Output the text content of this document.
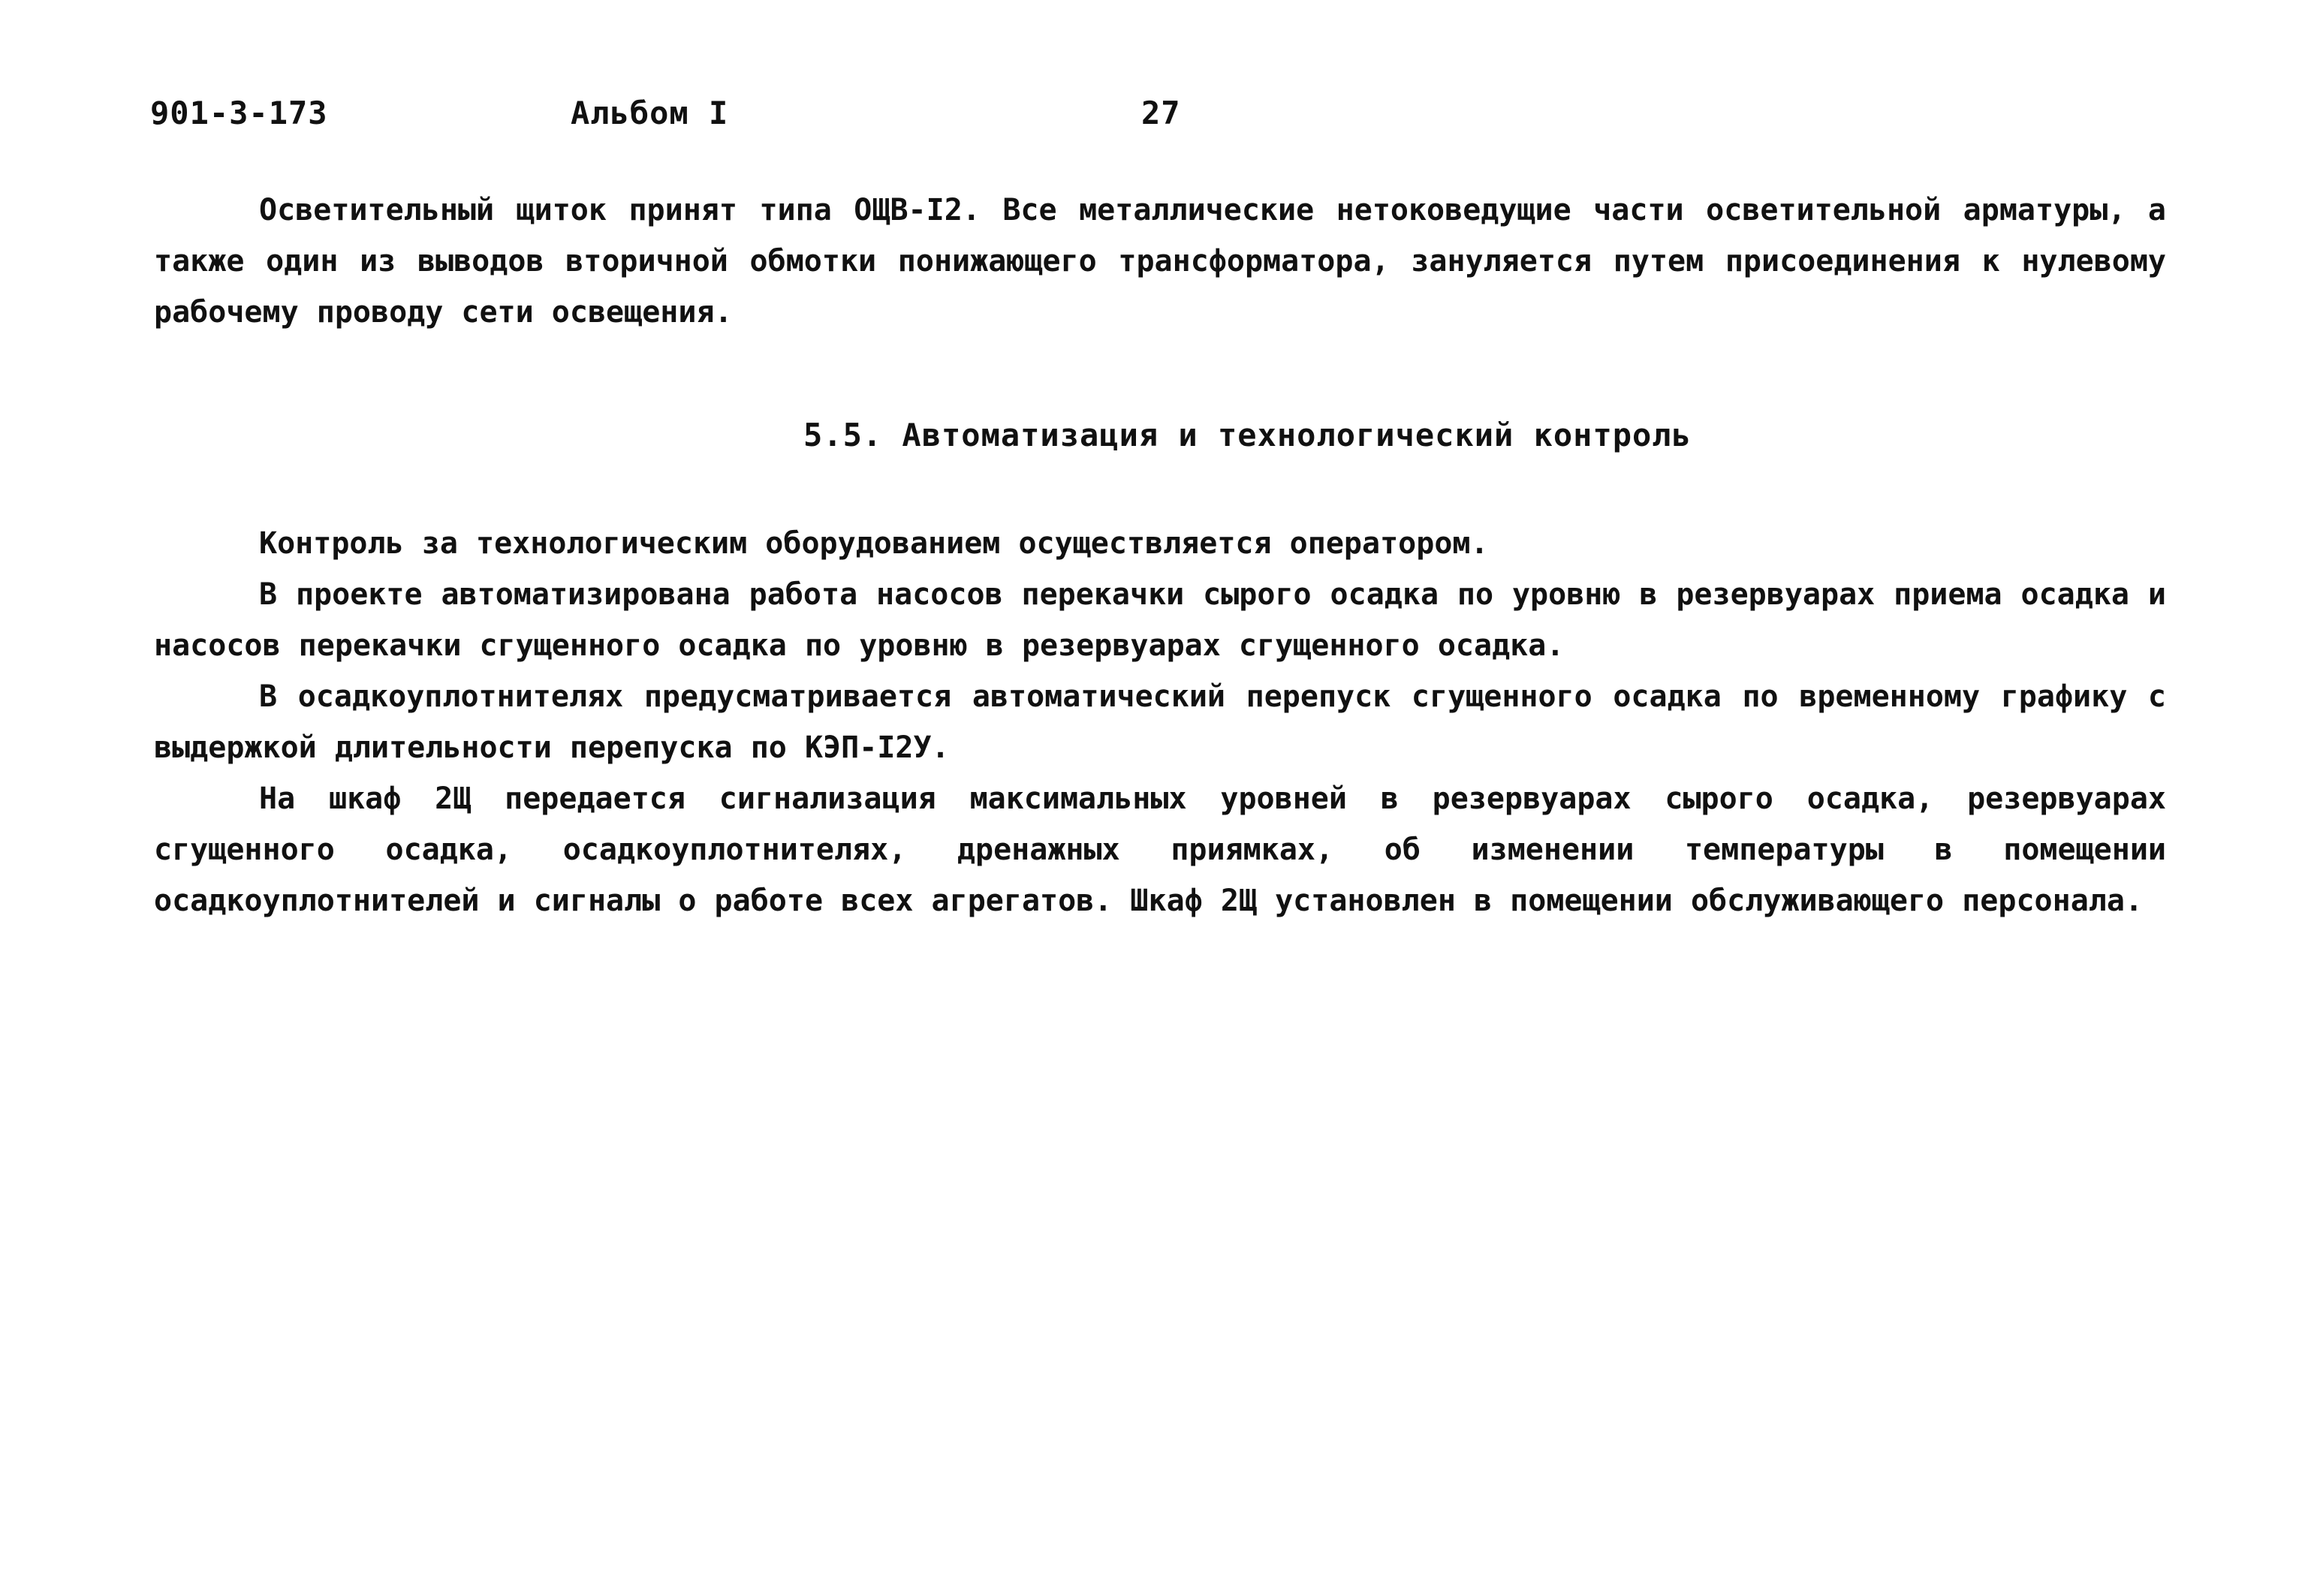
901-3-173	Альбом I	27

Осветительный щиток принят типа ОЩВ-I2. Все металлические нетоковедущие части осветительной арматуры, а также один из выводов вторичной обмотки понижающего трансформатора, зануляется путем присоединения к нулевому рабочему проводу сети освещения.

5.5. Автоматизация и технологический контроль

Контроль за технологическим оборудованием осуществляется оператором.

В проекте автоматизирована работа насосов перекачки сырого осадка по уровню в резервуарах приема осадка и насосов перекачки сгущенного осадка по уровню в резервуарах сгущенного осадка.

В осадкоуплотнителях предусматривается автоматический перепуск сгущенного осадка по временному графику с выдержкой длительности перепуска по КЭП-I2У.

На шкаф 2Щ передается сигнализация максимальных уровней в резервуарах сырого осадка, резервуарах сгущенного осадка, осадкоуплотнителях, дренажных приямках, об изменении температуры в помещении осадкоуплотнителей и сигналы о работе всех агрегатов. Шкаф 2Щ установлен в помещении обслуживающего персонала.
